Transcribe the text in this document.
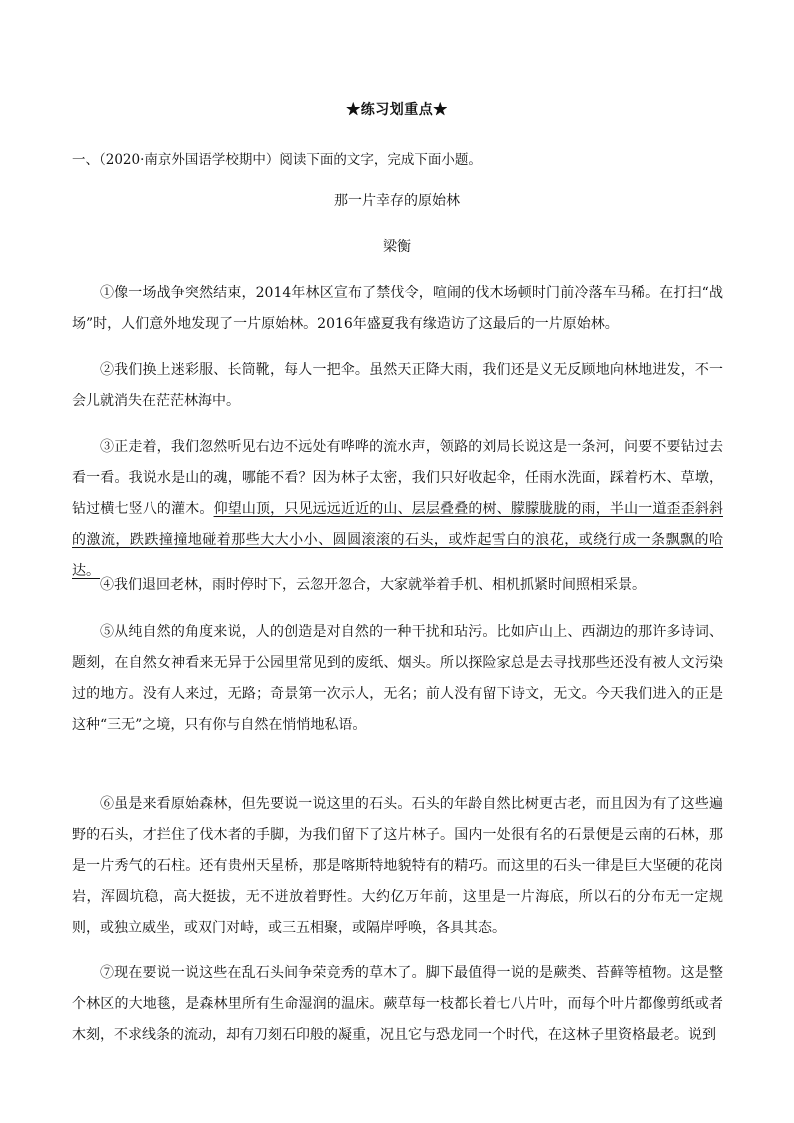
★练习划重点★
一、（2020·南京外国语学校期中）阅读下面的文字，完成下面小题。
那一片幸存的原始林
梁衡

①像一场战争突然结束，2014年林区宣布了禁伐令，喧闹的伐木场顿时门前冷落车马稀。在打扫“战场”时，人们意外地发现了一片原始林。2016年盛夏我有缘造访了这最后的一片原始林。

②我们换上迷彩服、长筒靴，每人一把伞。虽然天正降大雨，我们还是义无反顾地向林地进发，不一会儿就消失在茫茫林海中。

③正走着，我们忽然听见右边不远处有哗哗的流水声，领路的刘局长说这是一条河，问要不要钻过去看一看。我说水是山的魂，哪能不看？因为林子太密，我们只好收起伞，任雨水洗面，踩着朽木、草墩，钻过横七竖八的灌木。仰望山顶，只见远远近近的山、层层叠叠的树、朦朦胧胧的雨，半山一道歪歪斜斜的激流，跌跌撞撞地碰着那些大大小小、圆圆滚滚的石头，或炸起雪白的浪花，或绕行成一条飘飘的哈达。

④我们退回老林，雨时停时下，云忽开忽合，大家就举着手机、相机抓紧时间照相采景。

⑤从纯自然的角度来说，人的创造是对自然的一种干扰和玷污。比如庐山上、西湖边的那许多诗词、题刻，在自然女神看来无异于公园里常见到的废纸、烟头。所以探险家总是去寻找那些还没有被人文污染过的地方。没有人来过，无路；奇景第一次示人，无名；前人没有留下诗文，无文。今天我们进入的正是这种“三无”之境，只有你与自然在悄悄地私语。

⑥虽是来看原始森林，但先要说一说这里的石头。石头的年龄自然比树更古老，而且因为有了这些遍野的石头，才拦住了伐木者的手脚，为我们留下了这片林子。国内一处很有名的石景便是云南的石林，那是一片秀气的石柱。还有贵州天星桥，那是喀斯特地貌特有的精巧。而这里的石头一律是巨大坚硬的花岗岩，浑圆坑稳，高大挺拔，无不迸放着野性。大约亿万年前，这里是一片海底，所以石的分布无一定规则，或独立威坐，或双门对峙，或三五相聚，或隔岸呼唤，各具其态。

⑦现在要说一说这些在乱石头间争荣竞秀的草木了。脚下最值得一说的是蕨类、苔藓等植物。这是整个林区的大地毯，是森林里所有生命湿润的温床。蕨草每一枝都长着七八片叶，而每个叶片都像剪纸或者木刻，不求线条的流动，却有刀刻石印般的凝重，况且它与恐龙同一个时代，在这林子里资格最老。说到
